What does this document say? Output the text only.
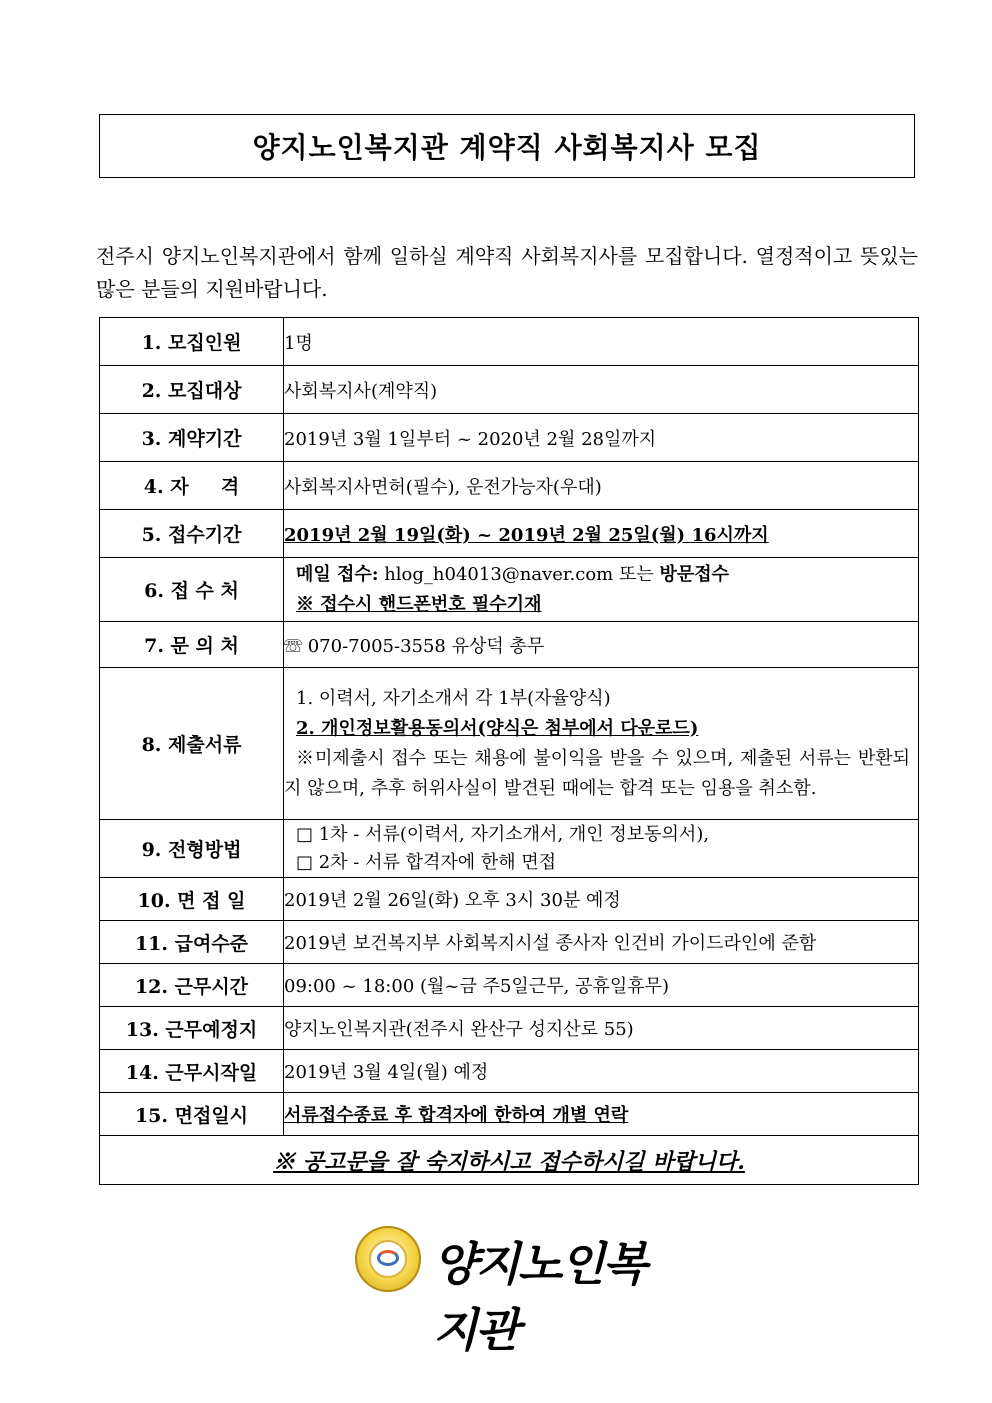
양지노인복지관 계약직 사회복지사 모집
전주시 양지노인복지관에서 함께 일하실 계약직 사회복지사를 모집합니다. 열정적이고 뜻있는 많은 분들의 지원바랍니다.
1. 모집인원	1명
2. 모집대상	사회복지사(계약직)
3. 계약기간	2019년 3월 1일부터 ~ 2020년 2월 28일까지
4. 자 　 격	사회복지사면허(필수), 운전가능자(우대)
5. 접수기간	2019년 2월 19일(화) ~ 2019년 2월 25일(월) 16시까지
6. 접 수 처	메일 접수: hlog_h04013@naver.com 또는 방문접수
※ 접수시 핸드폰번호 필수기재

7. 문 의 처	☏ 070-7005-3558 유상덕 총무
8. 제출서류	1. 이력서, 자기소개서 각 1부(자율양식)
2. 개인정보활용동의서(양식은 첨부에서 다운로드)
※미제출시 접수 또는 채용에 불이익을 받을 수 있으며, 제출된 서류는 반환되지 않으며, 추후 허위사실이 발견된 때에는 합격 또는 임용을 취소함.

9. 전형방법	□ 1차 - 서류(이력서, 자기소개서, 개인 정보동의서),
□ 2차 - 서류 합격자에 한해 면접

10. 면 접 일	2019년 2월 26일(화) 오후 3시 30분 예정
11. 급여수준	2019년 보건복지부 사회복지시설 종사자 인건비 가이드라인에 준함
12. 근무시간	09:00 ~ 18:00 (월~금 주5일근무, 공휴일휴무)
13. 근무예정지	양지노인복지관(전주시 완산구 성지산로 55)
14. 근무시작일	2019년 3월 4일(월) 예정
15. 면접일시	서류접수종료 후 합격자에 한하여 개별 연락
※ 공고문을 잘 숙지하시고 접수하시길 바랍니다.	
양지노인복지관
